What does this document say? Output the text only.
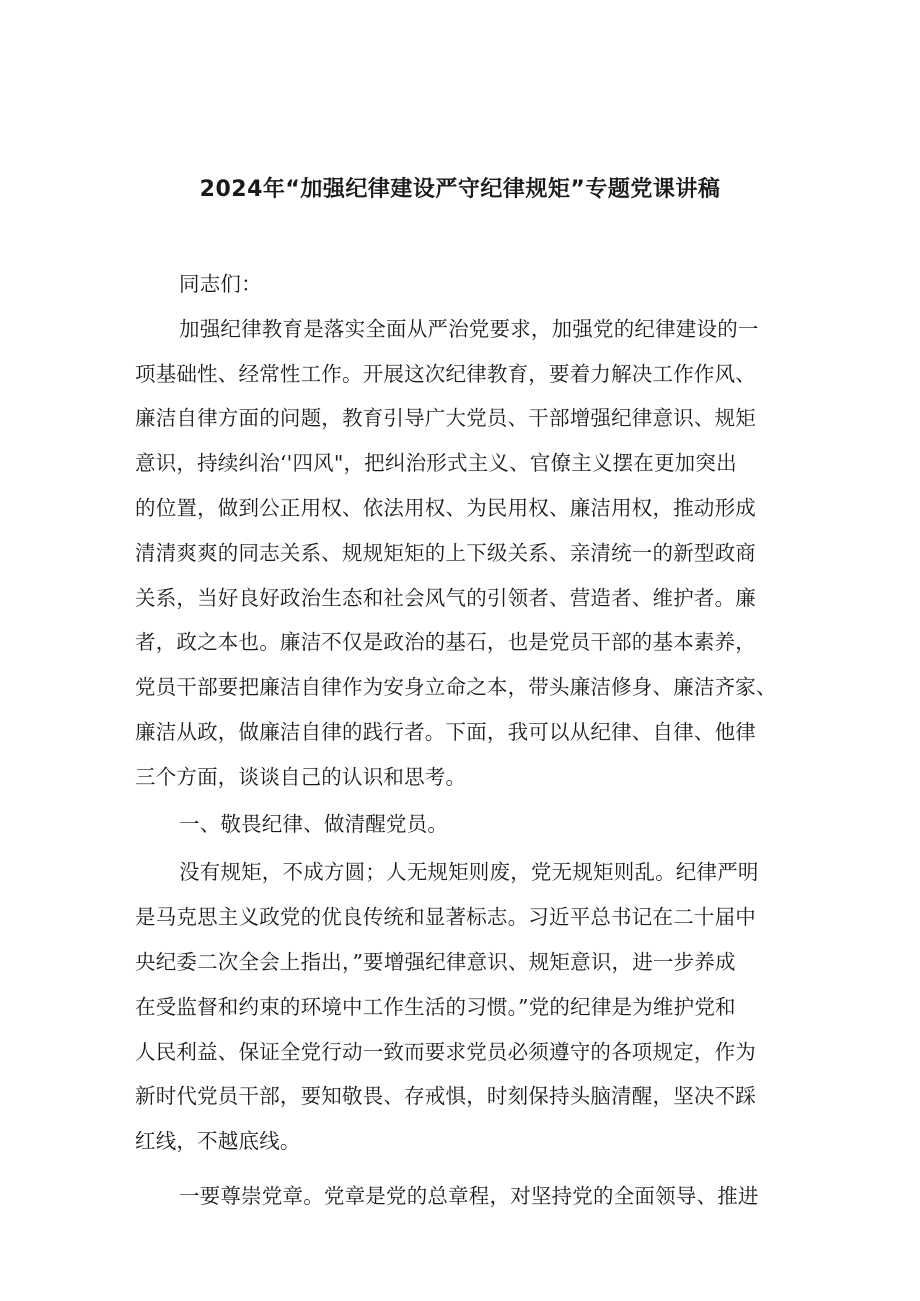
2024年“加强纪律建设严守纪律规矩”专题党课讲稿
同志们：
加强纪律教育是落实全面从严治党要求，加强党的纪律建设的一
项基础性、经常性工作。开展这次纪律教育，要着力解决工作作风、
廉洁自律方面的问题，教育引导广大党员、干部增强纪律意识、规矩
意识，持续纠治‘'四风"，把纠治形式主义、官僚主义摆在更加突出
的位置，做到公正用权、依法用权、为民用权、廉洁用权，推动形成
清清爽爽的同志关系、规规矩矩的上下级关系、亲清统一的新型政商
关系，当好良好政治生态和社会风气的引领者、营造者、维护者。廉
者，政之本也。廉洁不仅是政治的基石，也是党员干部的基本素养，
党员干部要把廉洁自律作为安身立命之本，带头廉洁修身、廉洁齐家、
廉洁从政，做廉洁自律的践行者。下面，我可以从纪律、自律、他律
三个方面，谈谈自己的认识和思考。
一、敬畏纪律、做清醒党员。
没有规矩，不成方圆；人无规矩则废，党无规矩则乱。纪律严明
是马克思主义政党的优良传统和显著标志。习近平总书记在二十届中
央纪委二次全会上指出，”要增强纪律意识、规矩意识，进一步养成
在受监督和约束的环境中工作生活的习惯。”党的纪律是为维护党和
人民利益、保证全党行动一致而要求党员必须遵守的各项规定，作为
新时代党员干部，要知敬畏、存戒惧，时刻保持头脑清醒，坚决不踩
红线，不越底线。
一要尊崇党章。党章是党的总章程，对坚持党的全面领导、推进
